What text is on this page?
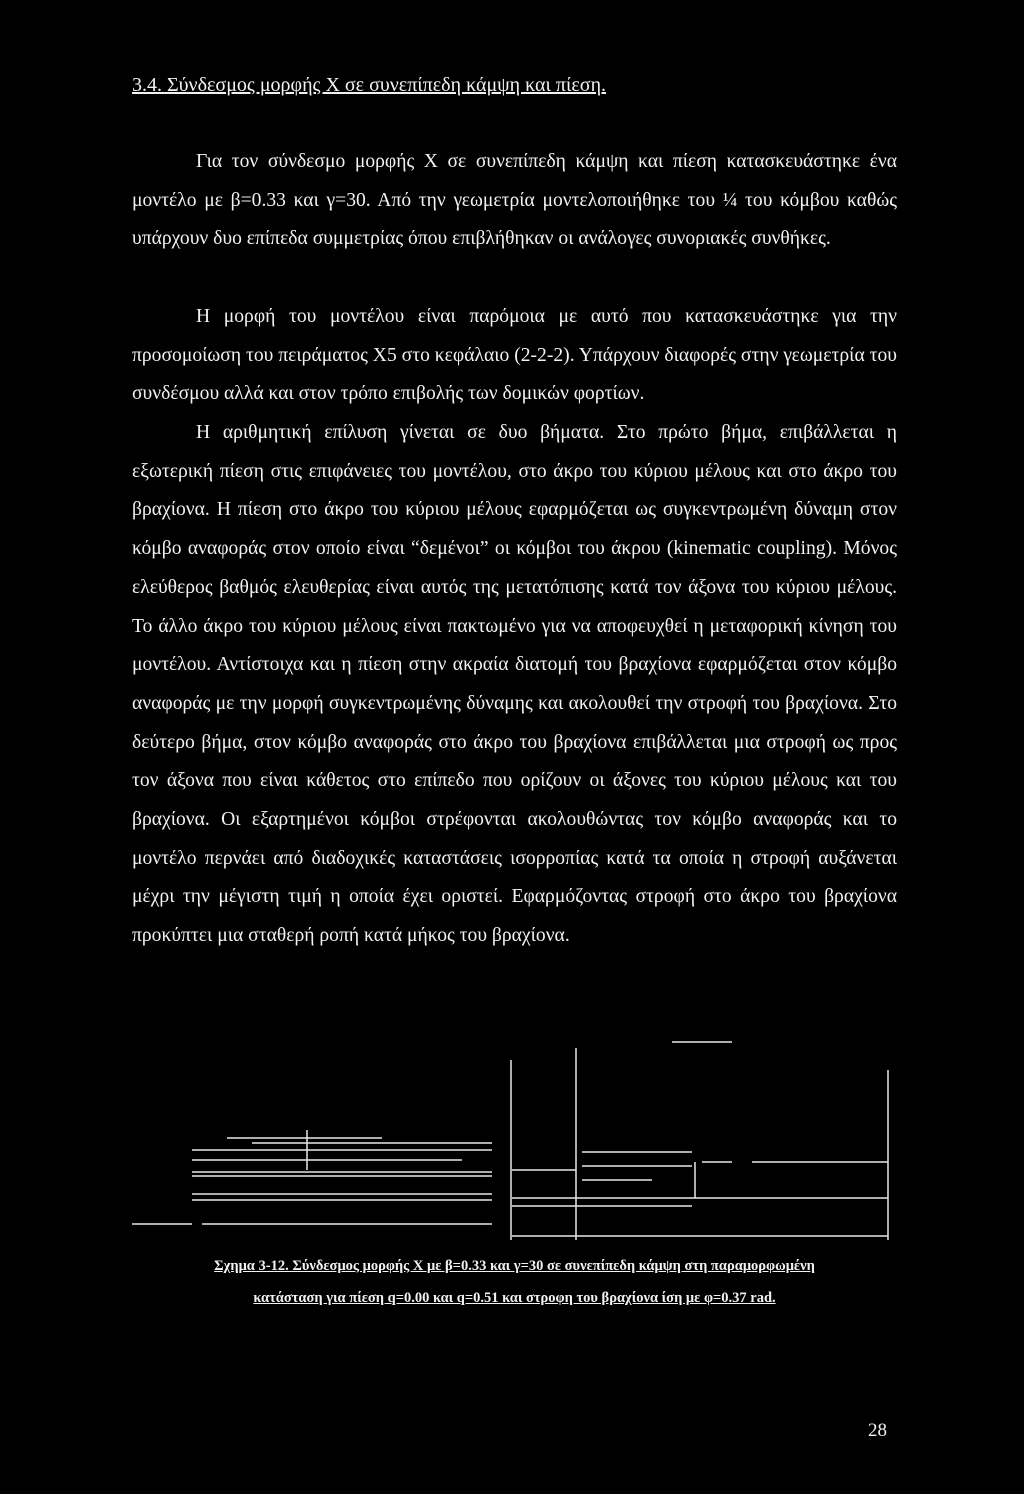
3.4. Σύνδεσμος μορφής Χ σε συνεπίπεδη κάμψη και πίεση.

Για τον σύνδεσμο μορφής Χ σε συνεπίπεδη κάμψη και πίεση κατασκευάστηκε ένα μοντέλο με β=0.33 και γ=30. Από την γεωμετρία μοντελοποιήθηκε του ¼ του κόμβου καθώς υπάρχουν δυο επίπεδα συμμετρίας όπου επιβλήθηκαν οι ανάλογες συνοριακές συνθήκες.

Η μορφή του μοντέλου είναι παρόμοια με αυτό που κατασκευάστηκε για την προσομοίωση του πειράματος Χ5 στο κεφάλαιο (2-2-2). Υπάρχουν διαφορές στην γεωμετρία του συνδέσμου αλλά και στον τρόπο επιβολής των δομικών φορτίων.

Η αριθμητική επίλυση γίνεται σε δυο βήματα. Στο πρώτο βήμα, επιβάλλεται η εξωτερική πίεση στις επιφάνειες του μοντέλου, στο άκρο του κύριου μέλους και στο άκρο του βραχίονα. Η πίεση στο άκρο του κύριου μέλους εφαρμόζεται ως συγκεντρωμένη δύναμη στον κόμβο αναφοράς στον οποίο είναι “δεμένοι” οι κόμβοι του άκρου (kinematic coupling). Μόνος ελεύθερος βαθμός ελευθερίας είναι αυτός της μετατόπισης κατά τον άξονα του κύριου μέλους. Το άλλο άκρο του κύριου μέλους είναι πακτωμένο για να αποφευχθεί η μεταφορική κίνηση του μοντέλου. Αντίστοιχα και η πίεση στην ακραία διατομή του βραχίονα εφαρμόζεται στον κόμβο αναφοράς με την μορφή συγκεντρωμένης δύναμης και ακολουθεί την στροφή του βραχίονα. Στο δεύτερο βήμα, στον κόμβο αναφοράς στο άκρο του βραχίονα επιβάλλεται μια στροφή ως προς τον άξονα που είναι κάθετος στο επίπεδο που ορίζουν οι άξονες του κύριου μέλους και του βραχίονα. Οι εξαρτημένοι κόμβοι στρέφονται ακολουθώντας τον κόμβο αναφοράς και το μοντέλο περνάει από διαδοχικές καταστάσεις ισορροπίας κατά τα οποία η στροφή αυξάνεται μέχρι την μέγιστη τιμή η οποία έχει οριστεί. Εφαρμόζοντας στροφή στο άκρο του βραχίονα προκύπτει μια σταθερή ροπή κατά μήκος του βραχίονα.

Σχημα 3-12. Σύνδεσμος μορφής Χ με β=0.33 και γ=30 σε συνεπίπεδη κάμψη στη παραμορφωμένη
κατάσταση για πίεση q=0.00 και q=0.51 και στροφη του βραχίονα ίση με φ=0.37 rad.
28
